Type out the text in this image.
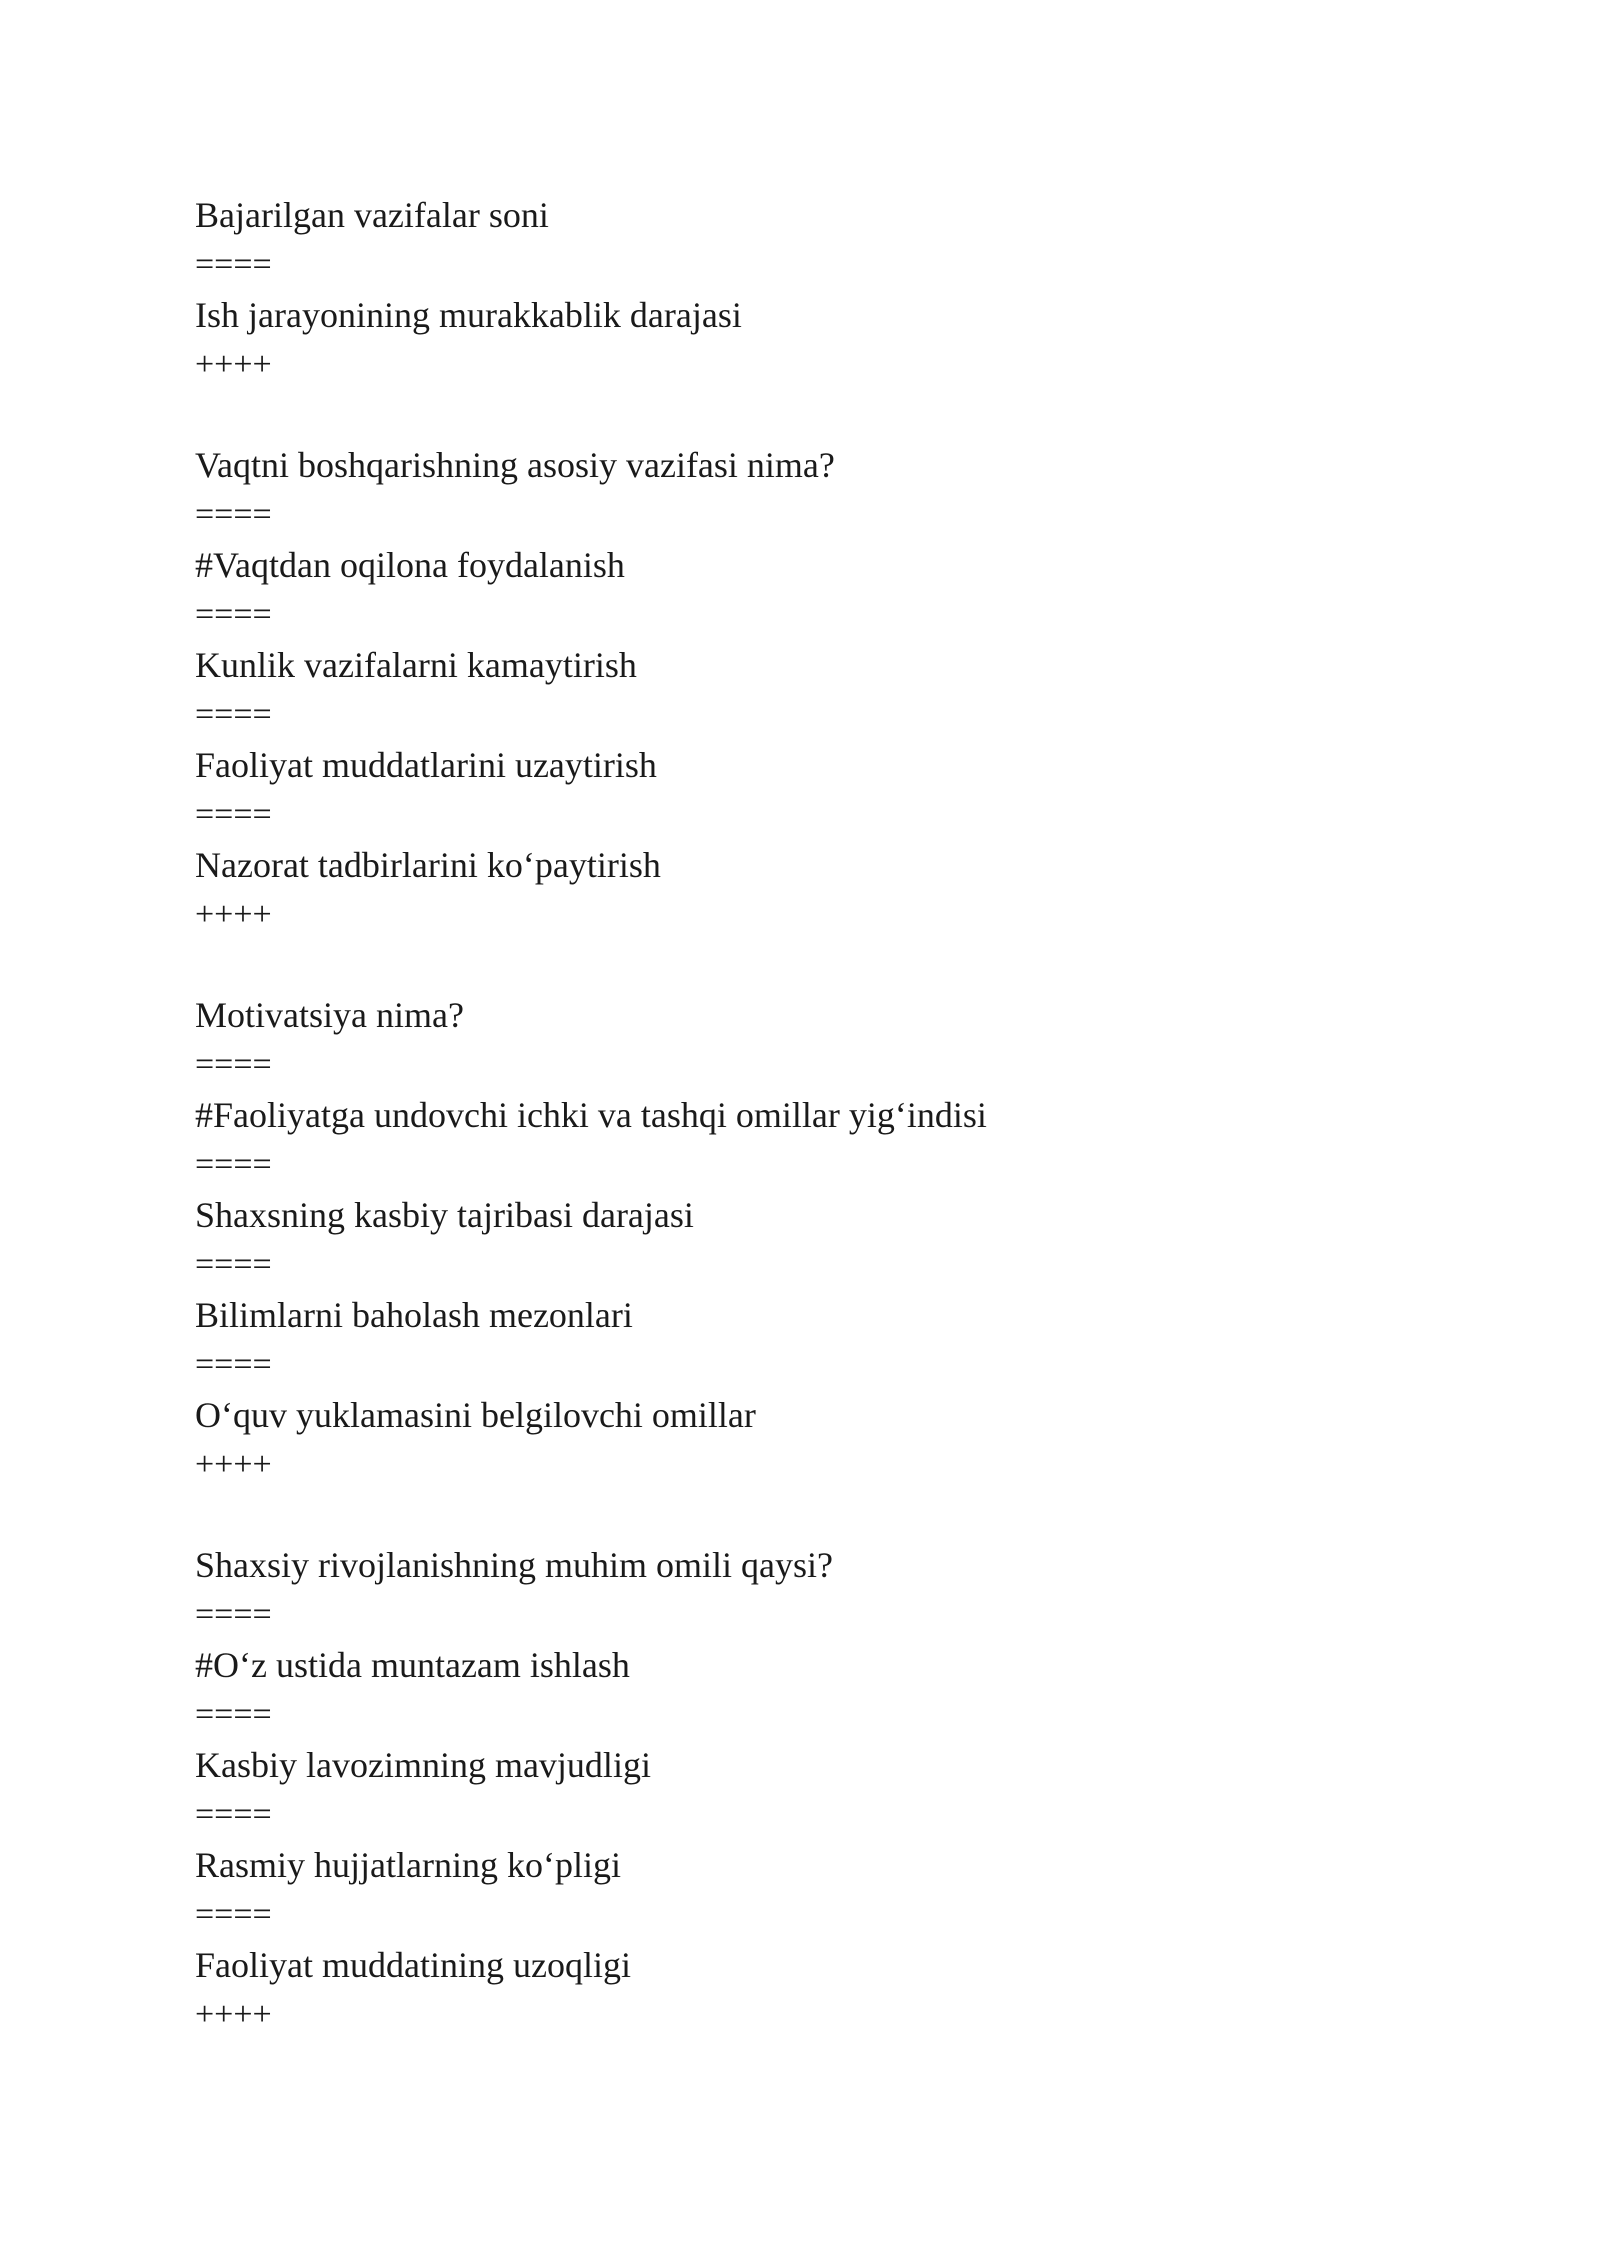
Bajarilgan vazifalar soni
====
Ish jarayonining murakkablik darajasi
++++
Vaqtni boshqarishning asosiy vazifasi nima?
====
#Vaqtdan oqilona foydalanish
====
Kunlik vazifalarni kamaytirish
====
Faoliyat muddatlarini uzaytirish
====
Nazorat tadbirlarini ko‘paytirish
++++
Motivatsiya nima?
====
#Faoliyatga undovchi ichki va tashqi omillar yig‘indisi
====
Shaxsning kasbiy tajribasi darajasi
====
Bilimlarni baholash mezonlari
====
O‘quv yuklamasini belgilovchi omillar
++++
Shaxsiy rivojlanishning muhim omili qaysi?
====
#O‘z ustida muntazam ishlash
====
Kasbiy lavozimning mavjudligi
====
Rasmiy hujjatlarning ko‘pligi
====
Faoliyat muddatining uzoqligi
++++
